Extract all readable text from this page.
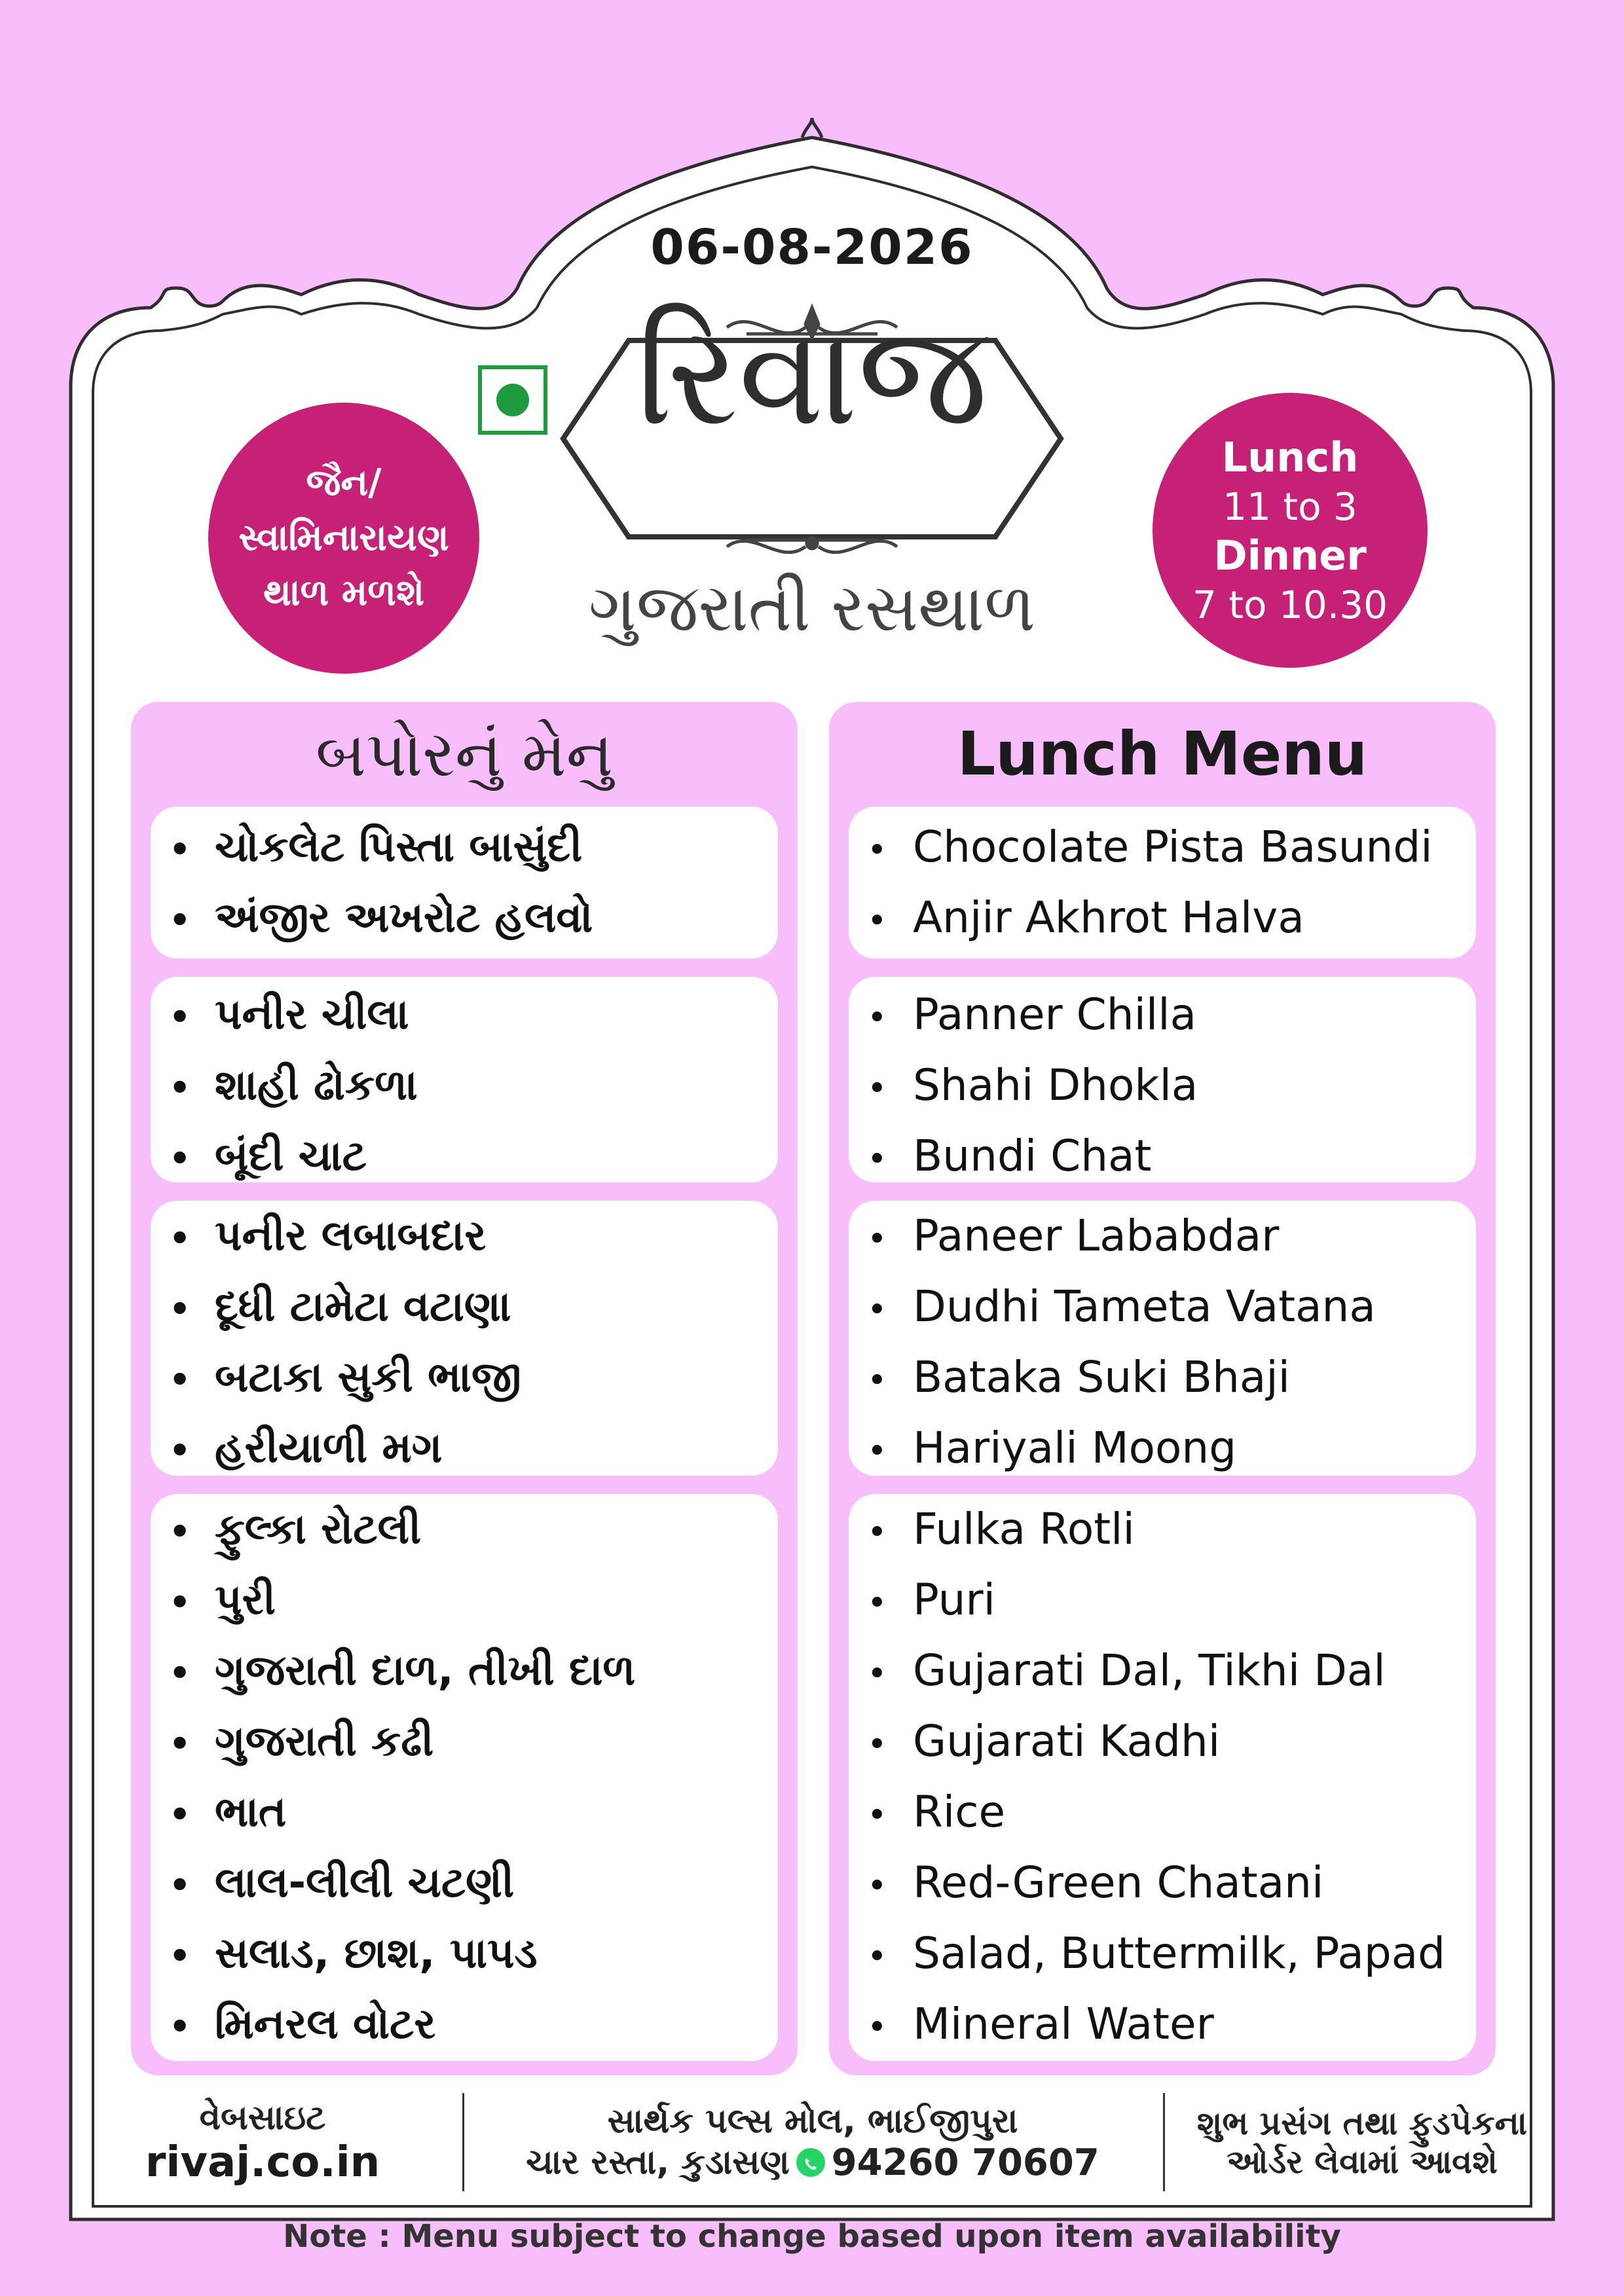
06-08-2026
રિવાજ
ગુજરાતી રસથાળ
જૈન/
સ્વામિનારાયણ
થાળ મળશે
Lunch
11 to 3
Dinner
7 to 10.30
બપોરનું મેનુ
• ચોકલેટ પિસ્તા બાસુંદી
• અંજીર અખરોટ હલવો
• પનીર ચીલા
• શાહી ઢોકળા
• બૂંદી ચાટ
• પનીર લબાબદાર
• દૂધી ટામેટા વટાણા
• બટાકા સુકી ભાજી
• હરીયાળી મગ
• ફુલ્કા રોટલી
• પુરી
• ગુજરાતી દાળ, તીખી દાળ
• ગુજરાતી કઢી
• ભાત
• લાલ-લીલી ચટણી
• સલાડ, છાશ, પાપડ
• મિનરલ વોટર
Lunch Menu
• Chocolate Pista Basundi
• Anjir Akhrot Halva
• Panner Chilla
• Shahi Dhokla
• Bundi Chat
• Paneer Lababdar
• Dudhi Tameta Vatana
• Bataka Suki Bhaji
• Hariyali Moong
• Fulka Rotli
• Puri
• Gujarati Dal, Tikhi Dal
• Gujarati Kadhi
• Rice
• Red-Green Chatani
• Salad, Buttermilk, Papad
• Mineral Water
વેબસાઇટ
rivaj.co.in
સાર્થક પલ્સ મોલ, ભાઈજીપુરા
ચાર રસ્તા, કુડાસણ 94260 70607
શુભ પ્રસંગ તથા ફુડપેકના
ઓર્ડર લેવામાં આવશે
Note : Menu subject to change based upon item availability
